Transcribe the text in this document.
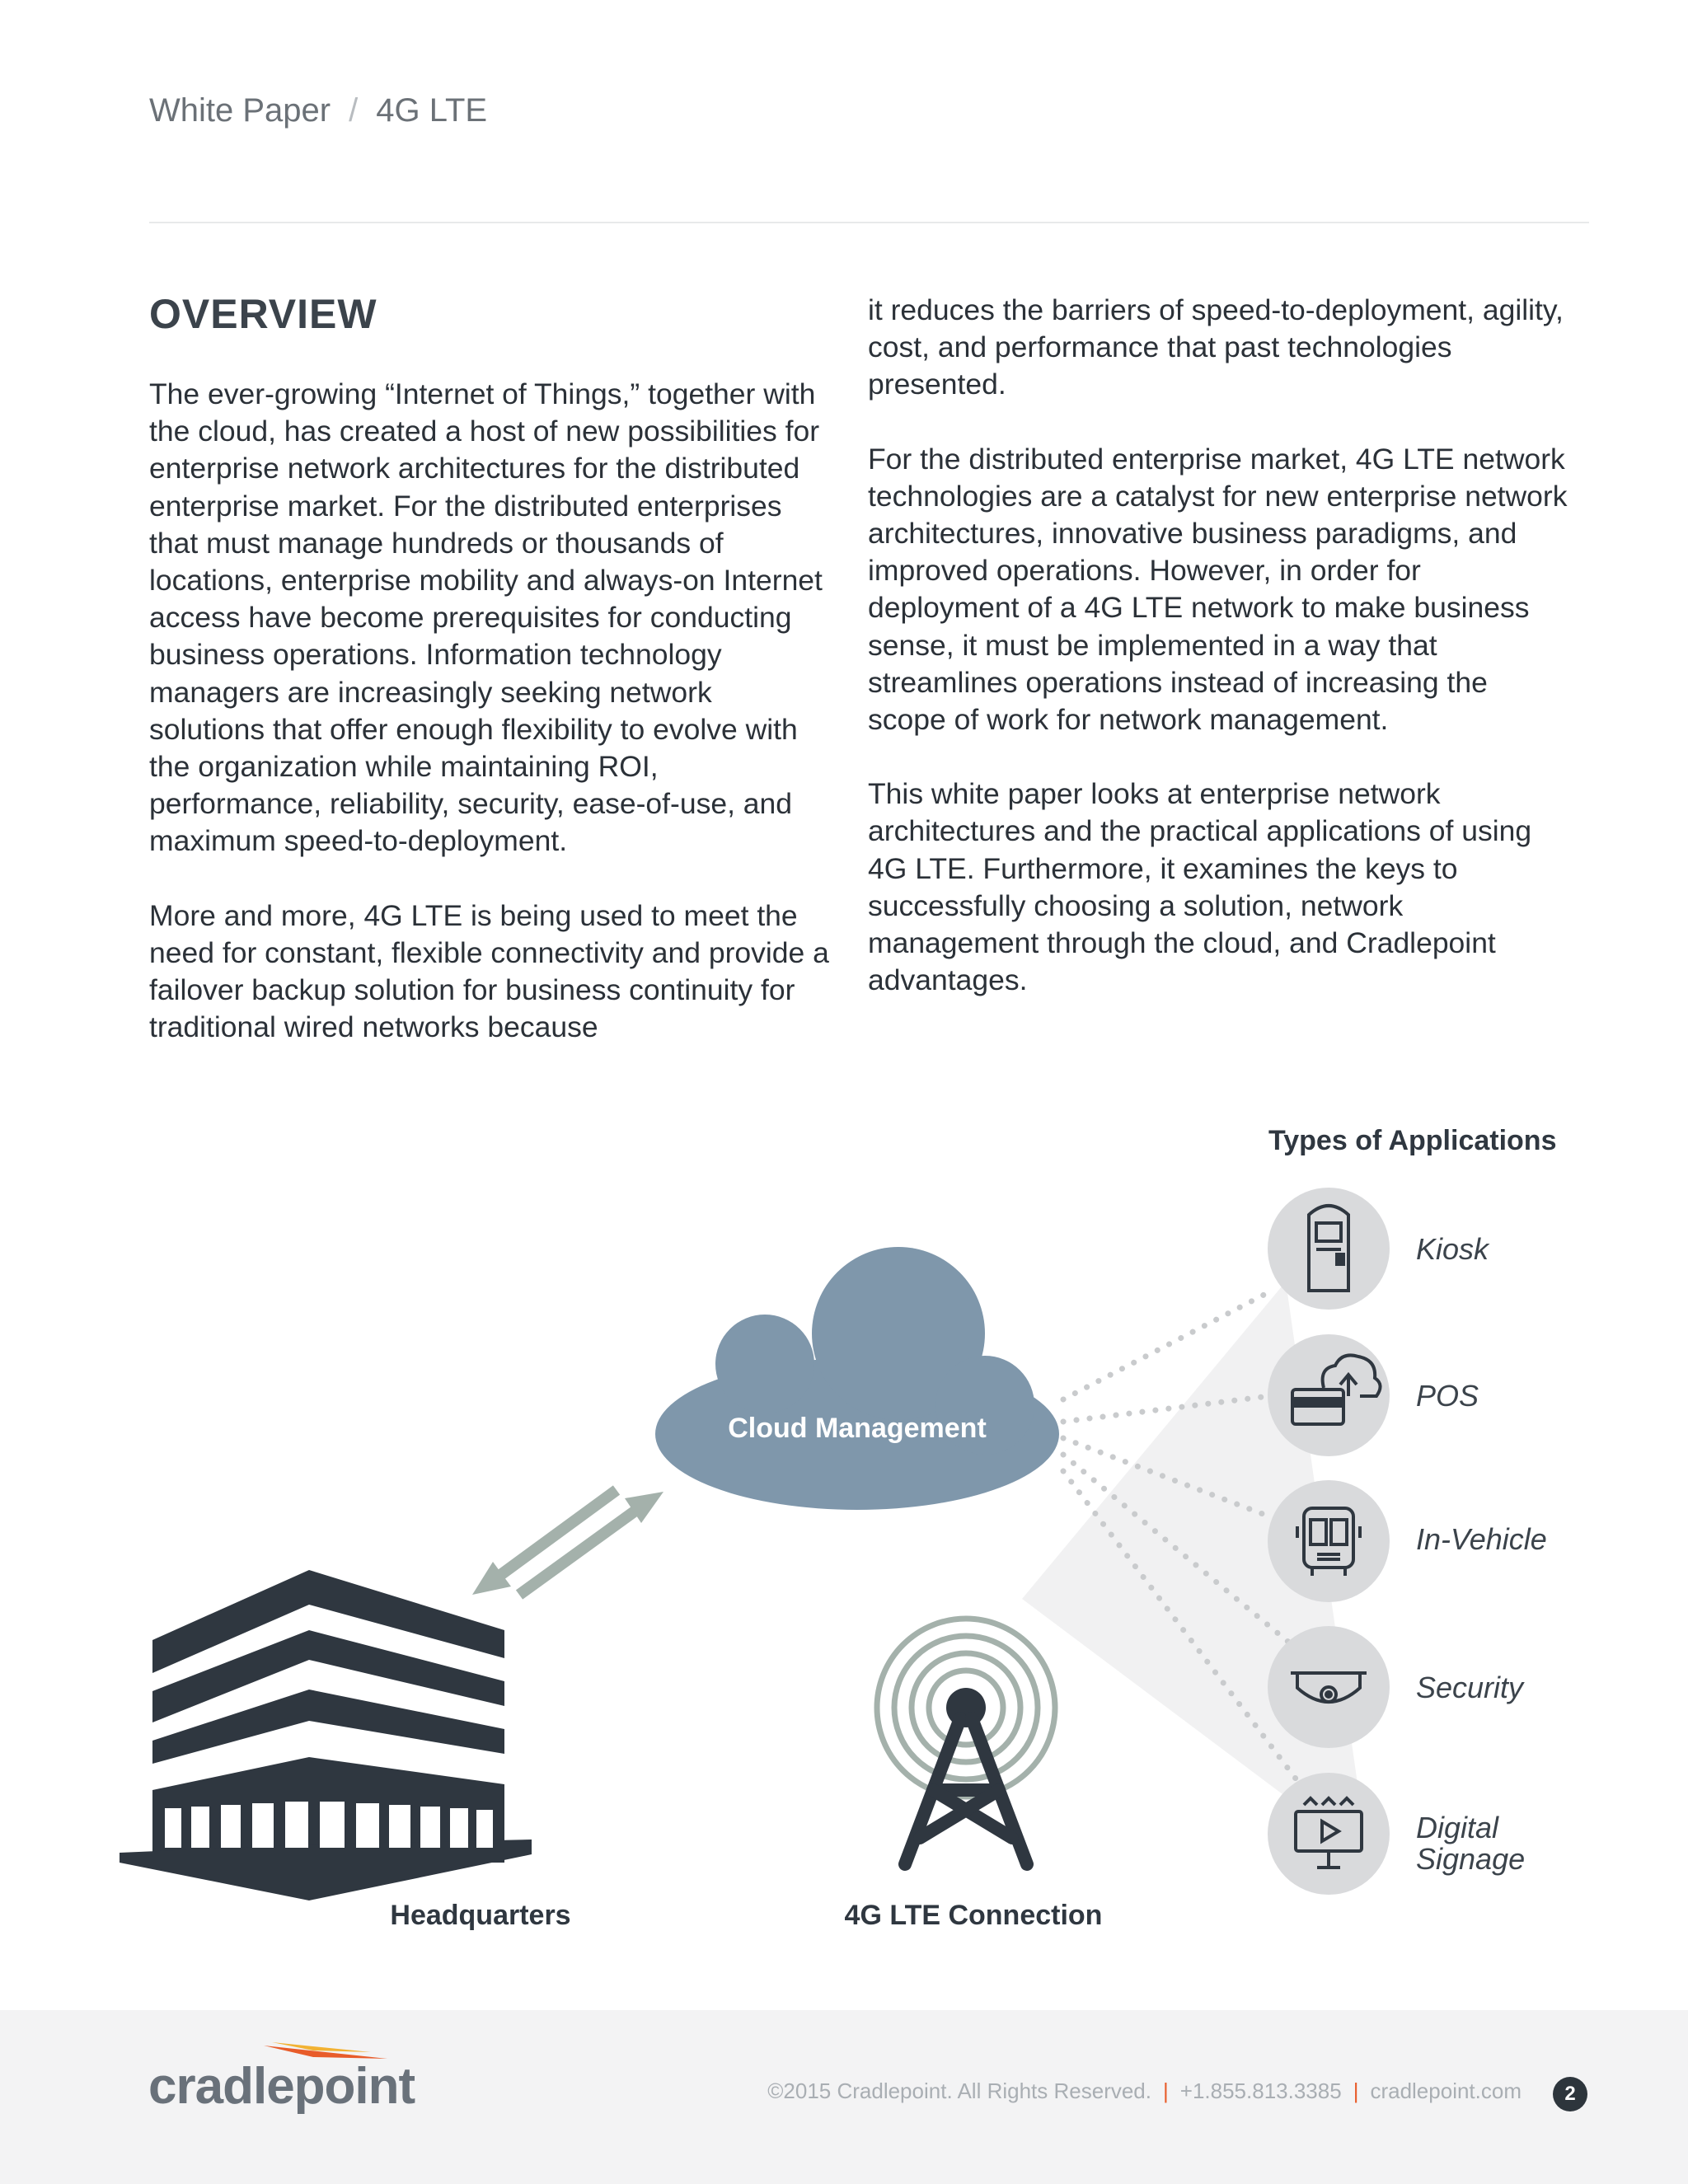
White Paper / 4G LTE
OVERVIEW

The ever-growing “Internet of Things,” together with the cloud, has created a host of new possibilities for enterprise network architectures for the distributed enterprise market. For the distributed enterprises that must manage hundreds or thousands of locations, enterprise mobility and always-on Internet access have become prerequisites for conducting business operations. Information technology managers are increasingly seeking network solutions that offer enough flexibility to evolve with the organization while maintaining ROI, performance, reliability, security, ease-of-use, and maximum speed-to-deployment.

More and more, 4G LTE is being used to meet the need for constant, flexible connectivity and provide a failover backup solution for business continuity for traditional wired networks because

it reduces the barriers of speed-to-deployment, agility, cost, and performance that past technologies presented.

For the distributed enterprise market, 4G LTE network technologies are a catalyst for new enterprise network architectures, innovative business paradigms, and improved operations. However, in order for deployment of a 4G LTE network to make business sense, it must be implemented in a way that streamlines operations instead of increasing the scope of work for network management.

This white paper looks at enterprise network architectures and the practical applications of using 4G LTE. Furthermore, it examines the keys to successfully choosing a solution, network management through the cloud, and Cradlepoint advantages.

Cloud Management
Headquarters	4G LTE Connection
Types of Applications
Kiosk
POS
In-Vehicle
Security
Digital
Signage
cradlepoint	©2015 Cradlepoint. All Rights Reserved. | +1.855.813.3385 | cradlepoint.com	2
